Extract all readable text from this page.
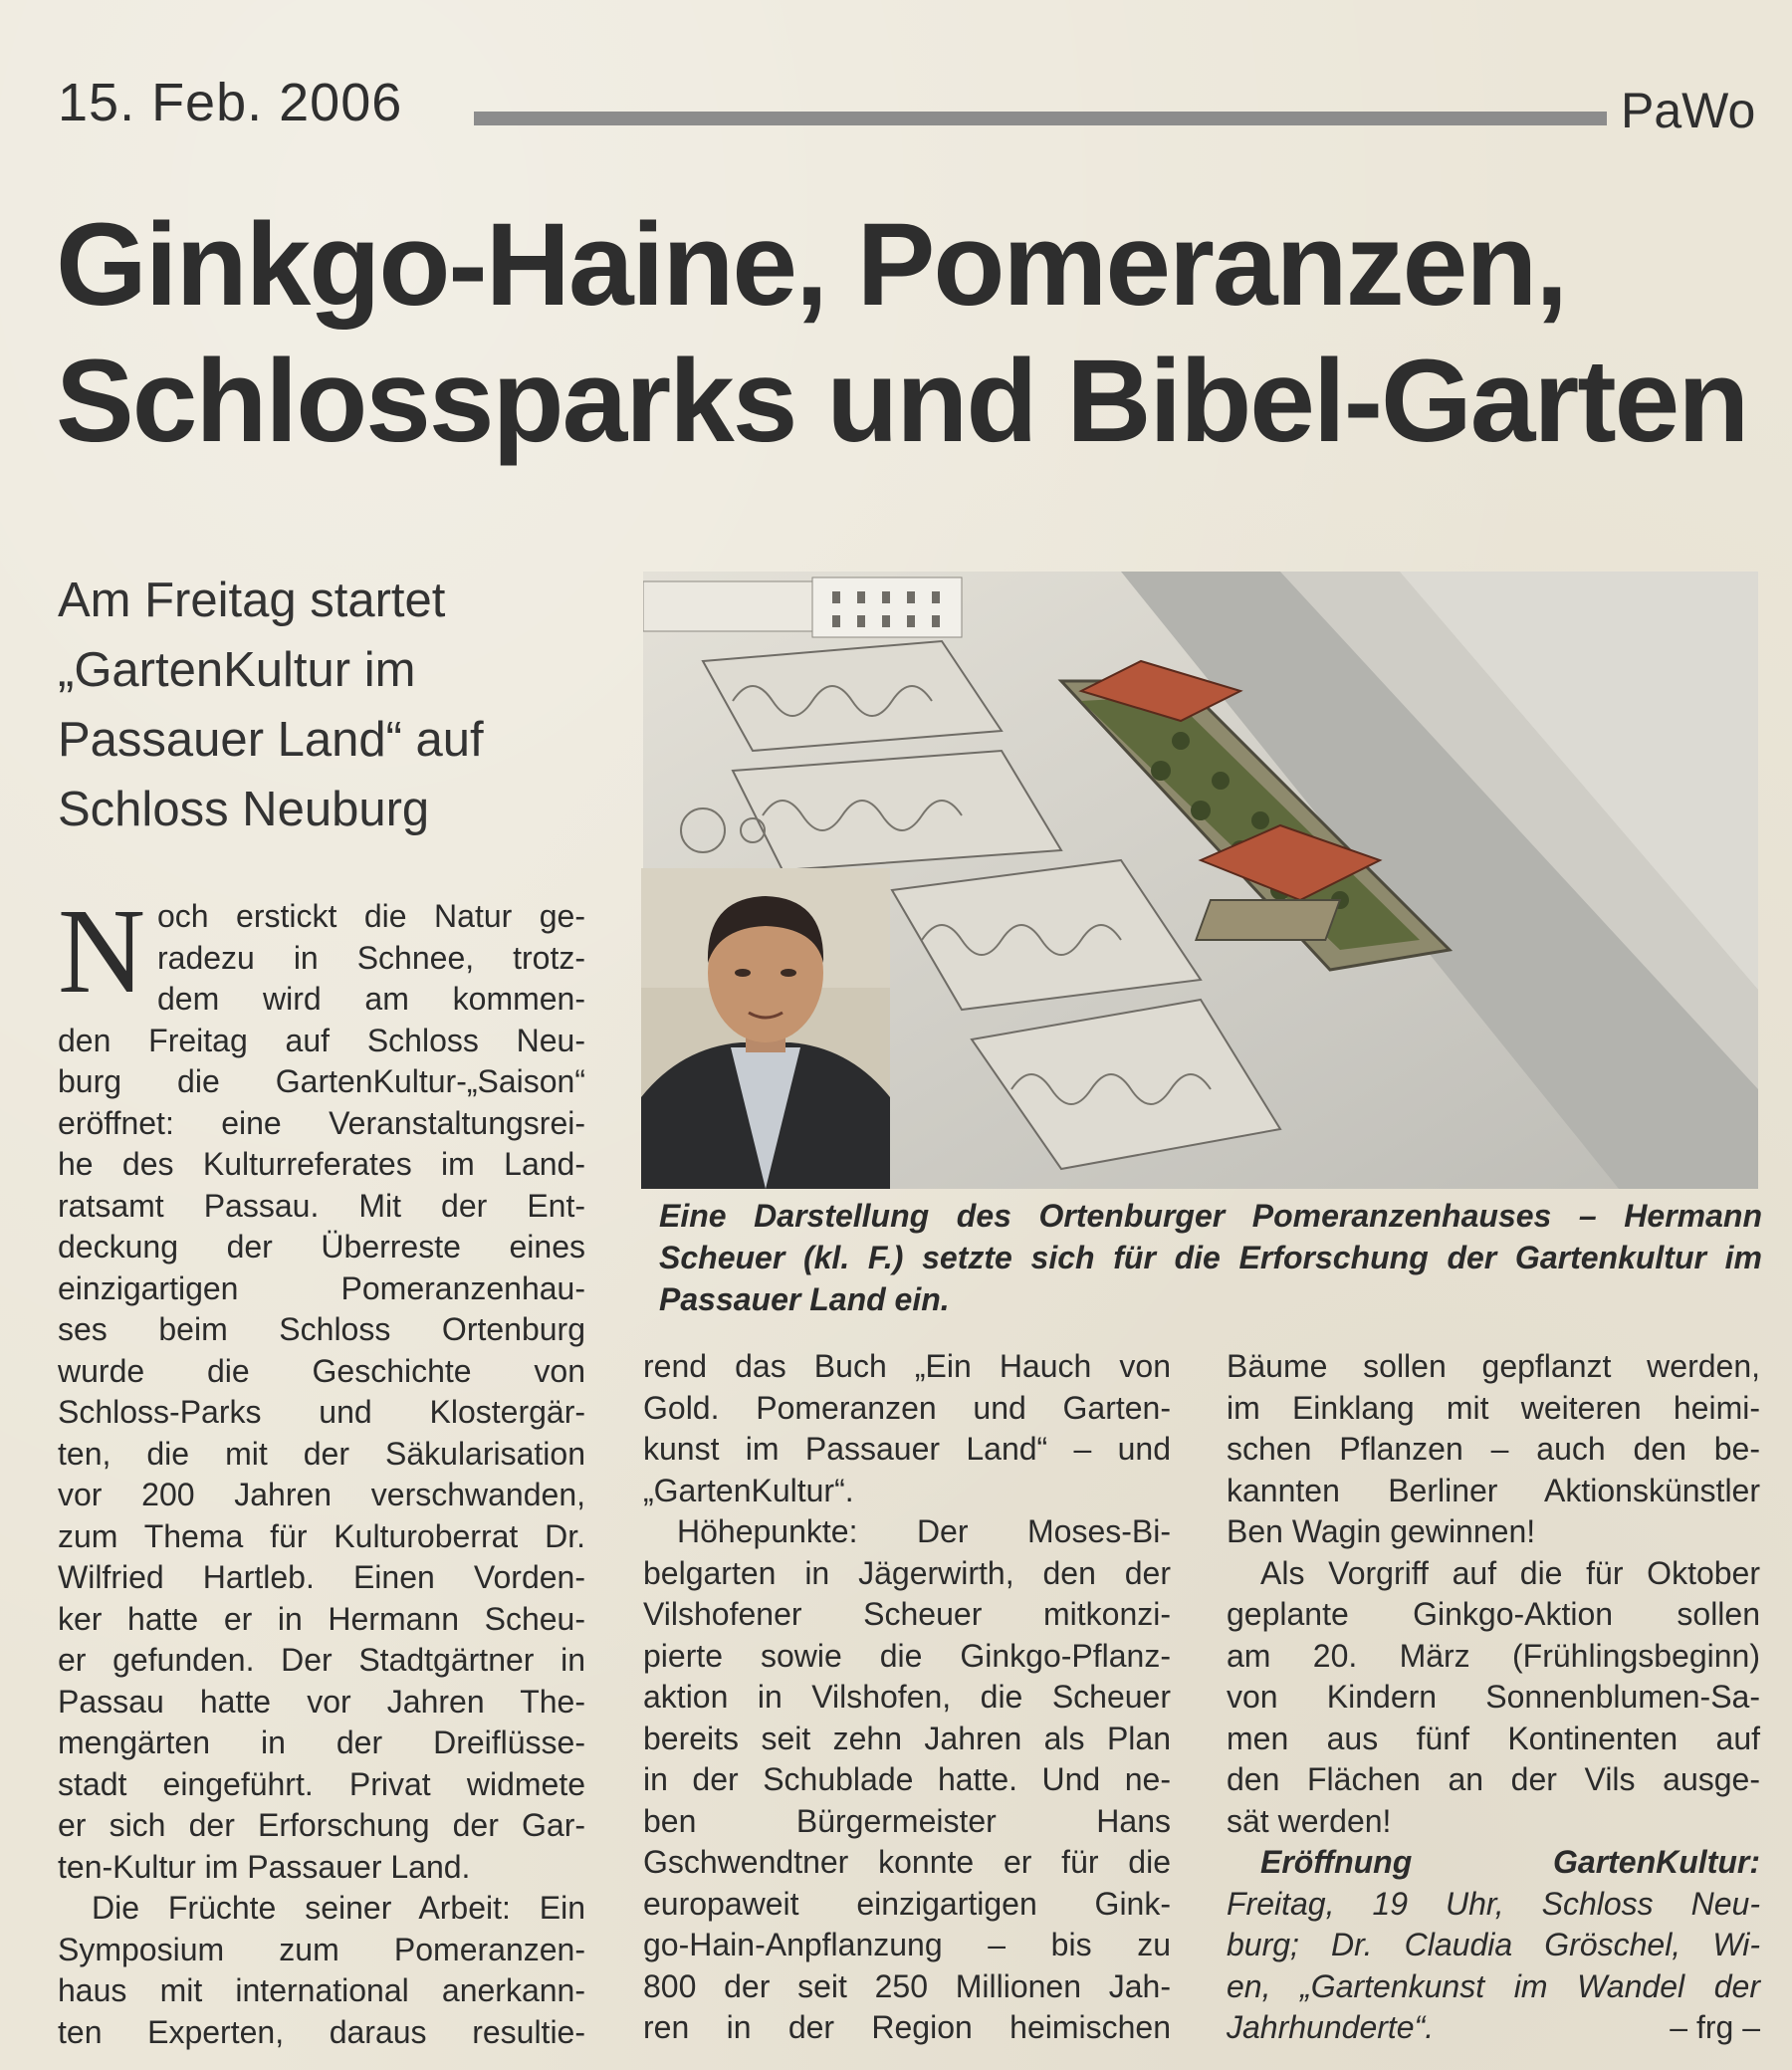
15. Feb. 2006	PaWo
Ginkgo-Haine, Pomeranzen,
Schlossparks und Bibel-Garten
Am Freitag startet
„GartenKultur im
Passauer Land“ auf
Schloss Neuburg
Eine Darstellung des Ortenburger Pomeranzenhauses – Hermann Scheuer (kl. F.) setzte sich für die Erforschung der Gartenkultur im Passauer Land ein.
N och erstickt die Natur ge-
radezu in Schnee, trotz-
dem wird am kommen-
den Freitag auf Schloss Neu-
burg die GartenKultur-„Saison“
eröffnet: eine Veranstaltungsrei-
he des Kulturreferates im Land-
ratsamt Passau. Mit der Ent-
deckung der Überreste eines
einzigartigen Pomeranzenhau-
ses beim Schloss Ortenburg
wurde die Geschichte von
Schloss-Parks und Klostergär-
ten, die mit der Säkularisation
vor 200 Jahren verschwanden,
zum Thema für Kulturoberrat Dr.
Wilfried Hartleb. Einen Vorden-
ker hatte er in Hermann Scheu-
er gefunden. Der Stadtgärtner in
Passau hatte vor Jahren The-
mengärten in der Dreiflüsse-
stadt eingeführt. Privat widmete
er sich der Erforschung der Gar-
ten-Kultur im Passauer Land.
Die Früchte seiner Arbeit: Ein
Symposium zum Pomeranzen-
haus mit international anerkann-
ten Experten, daraus resultie-
rend das Buch „Ein Hauch von
Gold. Pomeranzen und Garten-
kunst im Passauer Land“ – und
„GartenKultur“.
Höhepunkte: Der Moses-Bi-
belgarten in Jägerwirth, den der
Vilshofener Scheuer mitkonzi-
pierte sowie die Ginkgo-Pflanz-
aktion in Vilshofen, die Scheuer
bereits seit zehn Jahren als Plan
in der Schublade hatte. Und ne-
ben Bürgermeister Hans
Gschwendtner konnte er für die
europaweit einzigartigen Gink-
go-Hain-Anpflanzung – bis zu
800 der seit 250 Millionen Jah-
ren in der Region heimischen
Bäume sollen gepflanzt werden,
im Einklang mit weiteren heimi-
schen Pflanzen – auch den be-
kannten Berliner Aktionskünstler
Ben Wagin gewinnen!
Als Vorgriff auf die für Oktober
geplante Ginkgo-Aktion sollen
am 20. März (Frühlingsbeginn)
von Kindern Sonnenblumen-Sa-
men aus fünf Kontinenten auf
den Flächen an der Vils ausge-
sät werden!
Eröffnung GartenKultur:
Freitag, 19 Uhr, Schloss Neu-
burg; Dr. Claudia Gröschel, Wi-
en, „Gartenkunst im Wandel der
Jahrhunderte“.	– frg –
